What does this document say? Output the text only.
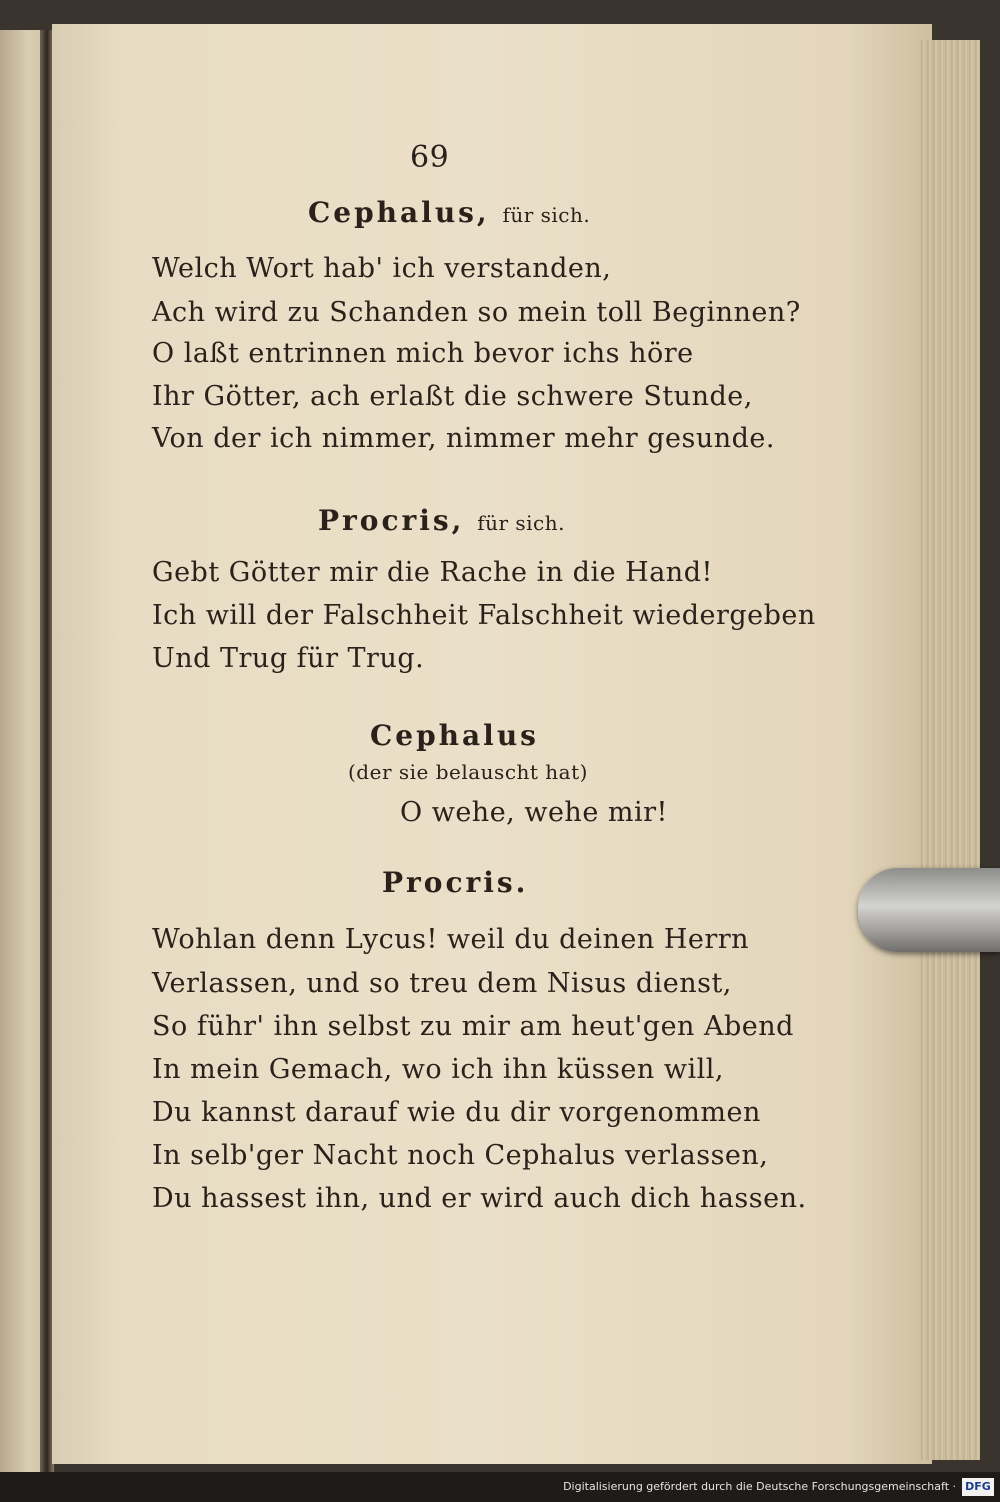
69
Cephalus, für sich.
Welch Wort hab' ich verstanden,
Ach wird zu Schanden so mein toll Beginnen?
O laßt entrinnen mich bevor ichs höre
Ihr Götter, ach erlaßt die schwere Stunde,
Von der ich nimmer, nimmer mehr gesunde.
Procris, für sich.
Gebt Götter mir die Rache in die Hand!
Ich will der Falschheit Falschheit wiedergeben
Und Trug für Trug.
Cephalus
(der sie belauscht hat)
O wehe, wehe mir!
Procris.
Wohlan denn Lycus! weil du deinen Herrn
Verlassen, und so treu dem Nisus dienst,
So führ' ihn selbst zu mir am heut'gen Abend
In mein Gemach, wo ich ihn küssen will,
Du kannst darauf wie du dir vorgenommen
In selb'ger Nacht noch Cephalus verlassen,
Du hassest ihn, und er wird auch dich hassen.
Digitalisierung gefördert durch die Deutsche Forschungsgemeinschaft · DFG
